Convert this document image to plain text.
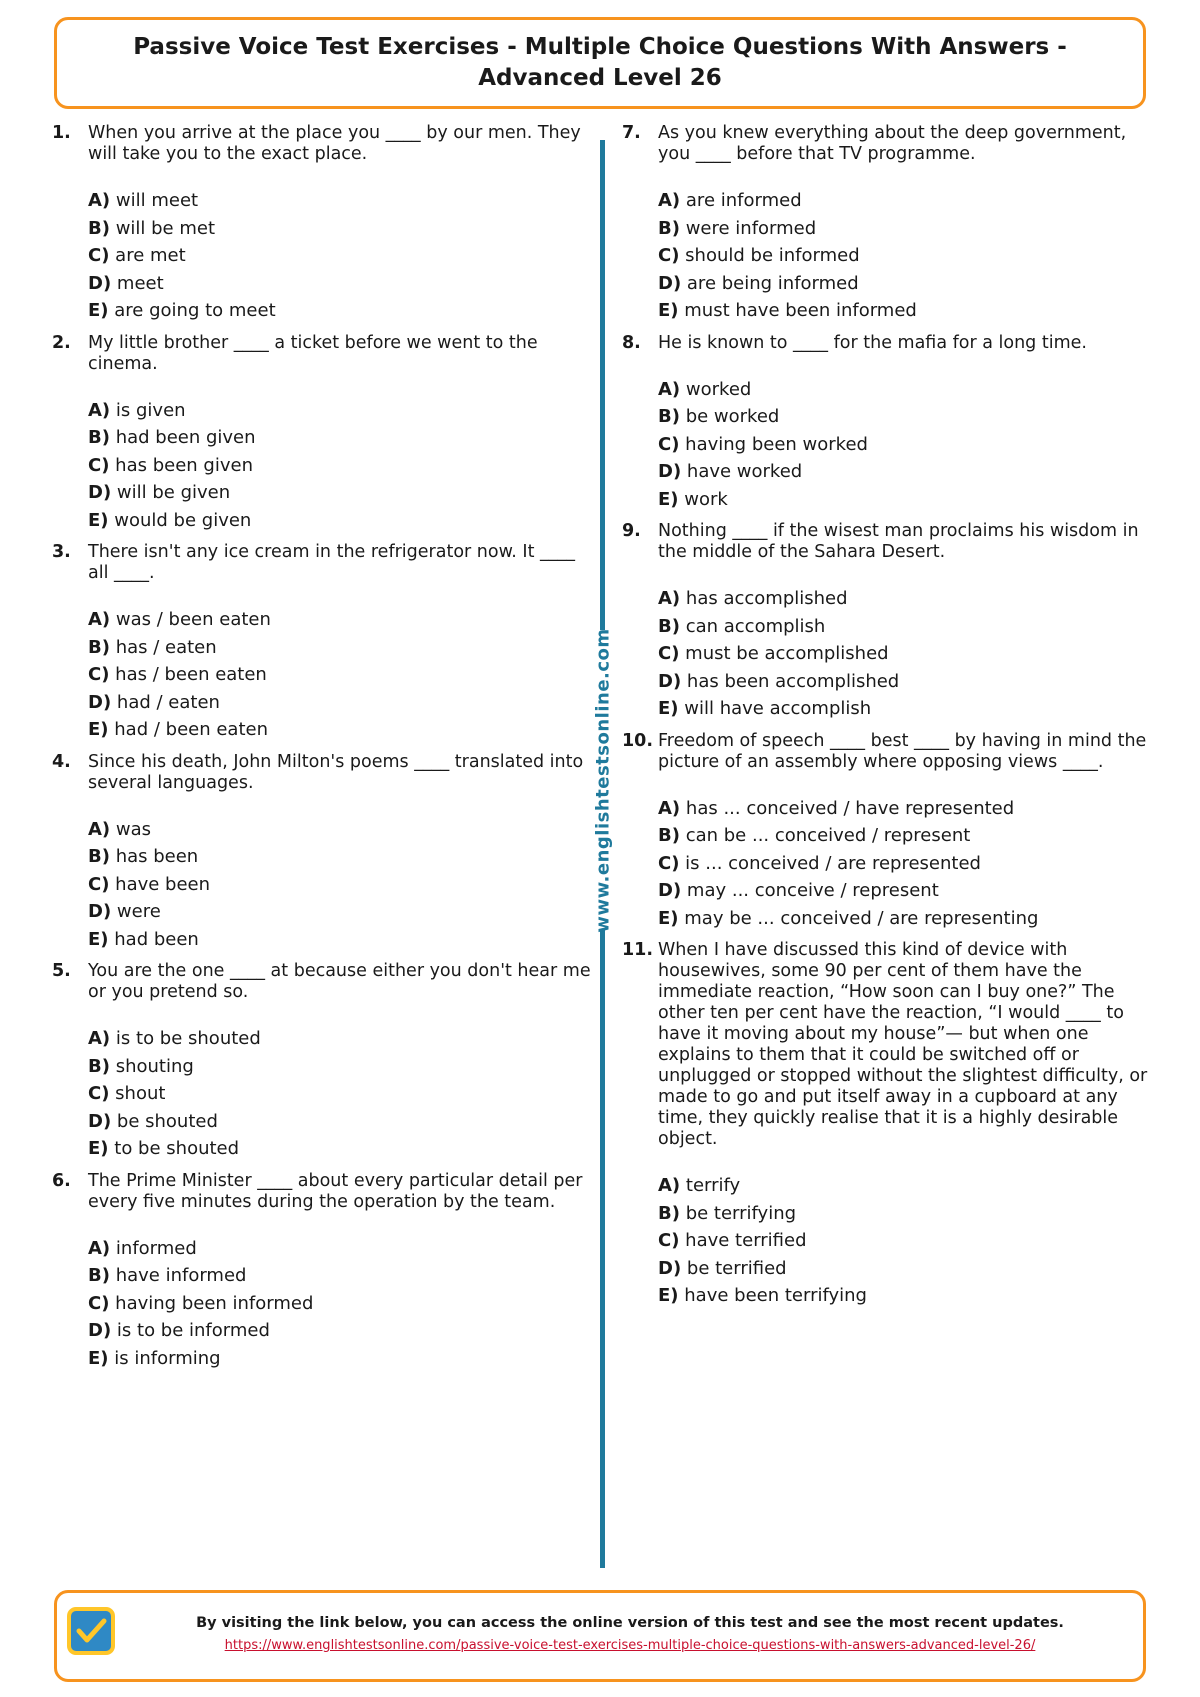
Passive Voice Test Exercises - Multiple Choice Questions With Answers - Advanced Level 26
1. When you arrive at the place you ____ by our men. They will take you to the exact place.
A) will meet
B) will be met
C) are met
D) meet
E) are going to meet
2. My little brother ____ a ticket before we went to the cinema.
A) is given
B) had been given
C) has been given
D) will be given
E) would be given
3. There isn't any ice cream in the refrigerator now. It ____ all ____.
A) was / been eaten
B) has / eaten
C) has / been eaten
D) had / eaten
E) had / been eaten
4. Since his death, John Milton's poems ____ translated into several languages.
A) was
B) has been
C) have been
D) were
E) had been
5. You are the one ____ at because either you don't hear me or you pretend so.
A) is to be shouted
B) shouting
C) shout
D) be shouted
E) to be shouted
6. The Prime Minister ____ about every particular detail per every five minutes during the operation by the team.
A) informed
B) have informed
C) having been informed
D) is to be informed
E) is informing
www.englishtestsonline.com
7. As you knew everything about the deep government, you ____ before that TV programme.
A) are informed
B) were informed
C) should be informed
D) are being informed
E) must have been informed
8. He is known to ____ for the mafia for a long time.
A) worked
B) be worked
C) having been worked
D) have worked
E) work
9. Nothing ____ if the wisest man proclaims his wisdom in the middle of the Sahara Desert.
A) has accomplished
B) can accomplish
C) must be accomplished
D) has been accomplished
E) will have accomplish
10. Freedom of speech ____ best ____ by having in mind the picture of an assembly where opposing views ____.
A) has ... conceived / have represented
B) can be ... conceived / represent
C) is ... conceived / are represented
D) may ... conceive / represent
E) may be ... conceived / are representing
11. When I have discussed this kind of device with housewives, some 90 per cent of them have the immediate reaction, “How soon can I buy one?” The other ten per cent have the reaction, “I would ____ to have it moving about my house”— but when one explains to them that it could be switched off or unplugged or stopped without the slightest difficulty, or made to go and put itself away in a cupboard at any time, they quickly realise that it is a highly desirable object.
A) terrify
B) be terrifying
C) have terrified
D) be terrified
E) have been terrifying
By visiting the link below, you can access the online version of this test and see the most recent updates.
https://www.englishtestsonline.com/passive-voice-test-exercises-multiple-choice-questions-with-answers-advanced-level-26/
